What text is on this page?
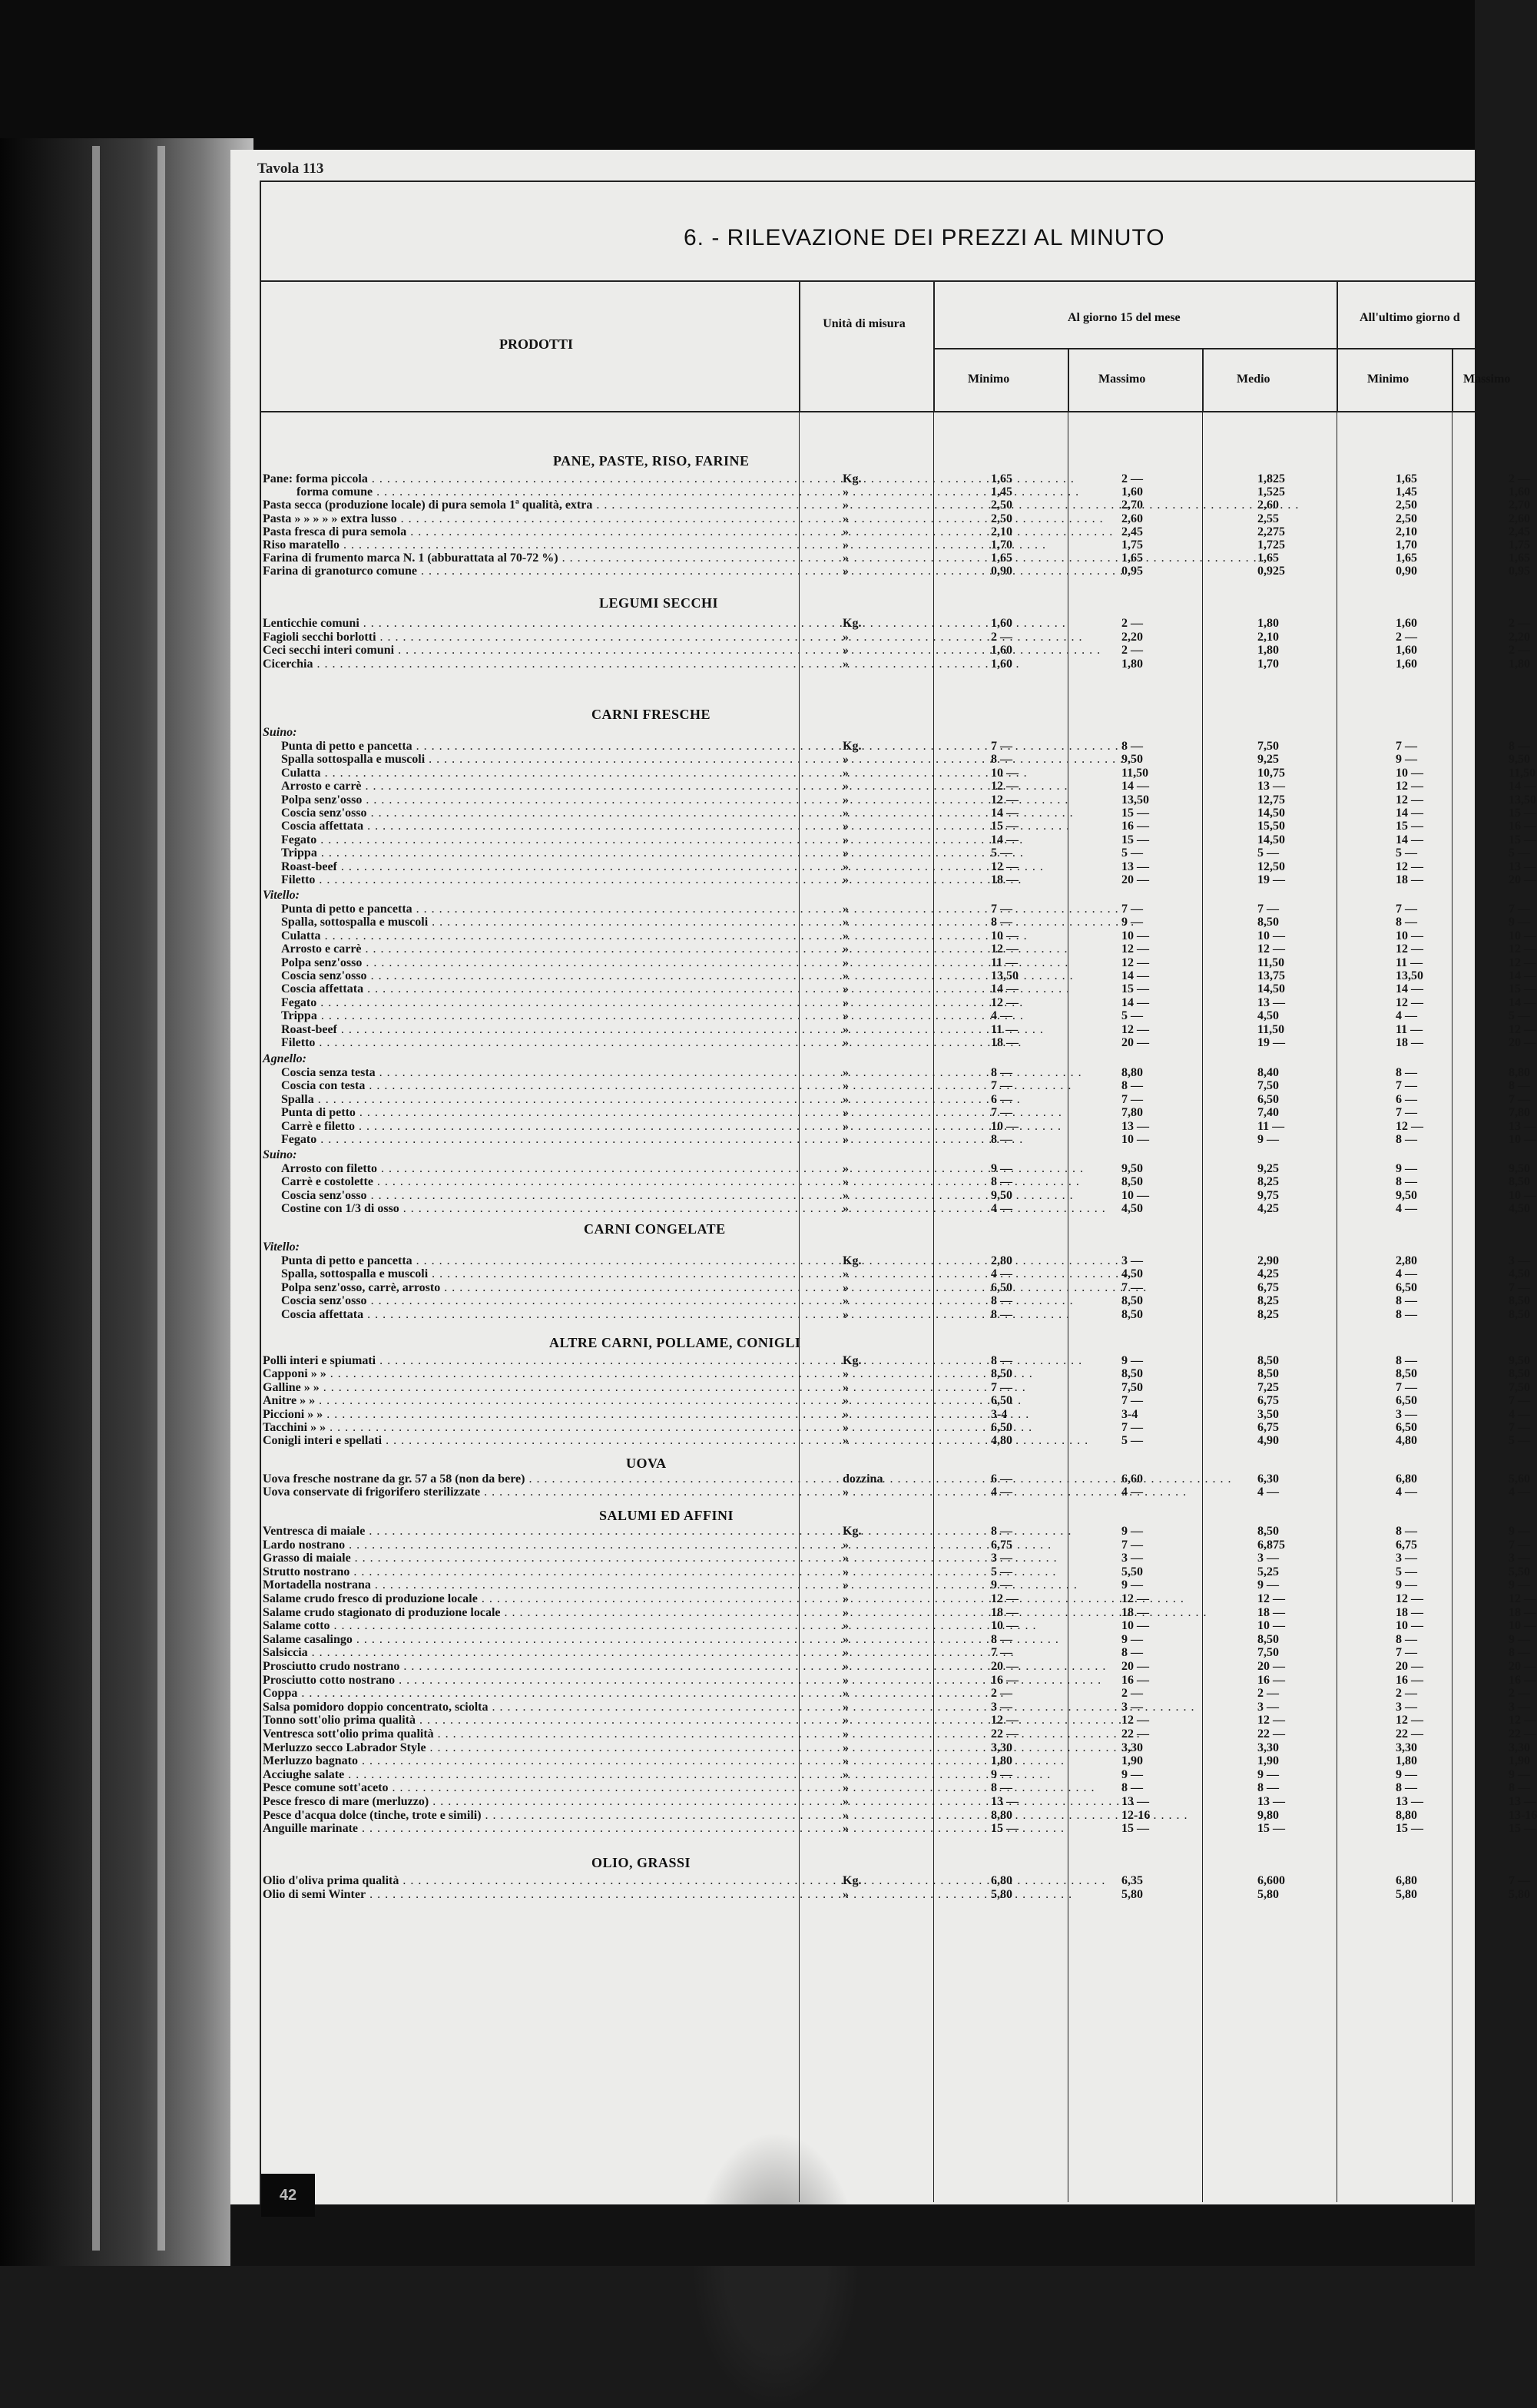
Tavola 113
6. - RILEVAZIONE DEI PREZZI AL MINUTO
PRODOTTI
Unità di misura	Al giorno 15 del mese	All'ultimo giorno d
Minimo	Massimo	Medio	Minimo	Massimo
PANE, PASTE, RISO, FARINE
Pane: forma piccola . . .	Kg.	1,65	2 —	1,825	1,65	2 —
forma comune . . .	»	1,45	1,60	1,525	1,45	1,60
Pasta secca (produzione locale) di pura semola 1ª qualità, extra . . .	»	2,50	2,70	2,60	2,50	2,70
Pasta » » » » » extra lusso . . .	»	2,50	2,60	2,55	2,50	2,60
Pasta fresca di pura semola . . .	»	2,10	2,45	2,275	2,10	2,45
Riso maratello . . .	»	1,70	1,75	1,725	1,70	1,75
Farina di frumento marca N. 1 (abburattata al 70-72 %) . . .	»	1,65	1,65	1,65	1,65	1,65
Farina di granoturco comune . . .	»	0,90	0,95	0,925	0,90	0,95
LEGUMI SECCHI
Lenticchie comuni . . .	Kg.	1,60	2 —	1,80	1,60	2 —
Fagioli secchi borlotti . . .	»	2 —	2,20	2,10	2 —	2,20
Ceci secchi interi comuni . . .	»	1,60	2 —	1,80	1,60	2 —
Cicerchia . . .	»	1,60	1,80	1,70	1,60	1,80
CARNI FRESCHE
Suino:
Punta di petto e pancetta . . .	Kg.	7 —	8 —	7,50	7 —	8 —
Spalla sottospalla e muscoli . . .	»	8 —	9,50	9,25	9 —	9,50
Culatta . . .	»	10 —	11,50	10,75	10 —	11,50
Arrosto e carrè . . .	»	12 —	14 —	13 —	12 —	14 —
Polpa senz'osso . . .	»	12 —	13,50	12,75	12 —	13,50
Coscia senz'osso . . .	»	14 —	15 —	14,50	14 —	15 —
Coscia affettata . . .	»	15 —	16 —	15,50	15 —	16 —
Fegato . . .	»	14 —	15 —	14,50	14 —	15 —
Trippa . . .	»	5 —	5 —	5 —	5 —	5 —
Roast-beef . . .	»	12 —	13 —	12,50	12 —	13 —
Filetto . . .	»	18 —	20 —	19 —	18 —	20 —
Vitello:
Punta di petto e pancetta . . .	»	7 —	7 —	7 —	7 —	7 —
Spalla, sottospalla e muscoli . . .	»	8 —	9 —	8,50	8 —	9 —
Culatta . . .	»	10 —	10 —	10 —	10 —	10 —
Arrosto e carrè . . .	»	12 —	12 —	12 —	12 —	12 —
Polpa senz'osso . . .	»	11 —	12 —	11,50	11 —	12 —
Coscia senz'osso . . .	»	13,50	14 —	13,75	13,50	14 —
Coscia affettata . . .	»	14 —	15 —	14,50	14 —	15 —
Fegato . . .	»	12 —	14 —	13 —	12 —	14 —
Trippa . . .	»	4 —	5 —	4,50	4 —	5 —
Roast-beef . . .	»	11 —	12 —	11,50	11 —	12 —
Filetto . . .	»	18 —	20 —	19 —	18 —	20 —
Agnello:
Coscia senza testa . . .	»	8 —	8,80	8,40	8 —	8,80
Coscia con testa . . .	»	7 —	8 —	7,50	7 —	8 —
Spalla . . .	»	6 —	7 —	6,50	6 —	7 —
Punta di petto . . .	»	7 —	7,80	7,40	7 —	7,80
Carrè e filetto . . .	»	10 —	13 —	11 —	12 —	13 —
Fegato . . .	»	8 —	10 —	9 —	8 —	10 —
Suino:
Arrosto con filetto . . .	»	9 —	9,50	9,25	9 —	9,50
Carrè e costolette . . .	»	8 —	8,50	8,25	8 —	8,50
Coscia senz'osso . . .	»	9,50	10 —	9,75	9,50	10 —
Costine con 1/3 di osso . . .	»	4 —	4,50	4,25	4 —	4,50
CARNI CONGELATE
Vitello:
Punta di petto e pancetta . . .	Kg.	2,80	3 —	2,90	2,80	3 —
Spalla, sottospalla e muscoli . . .	»	4 —	4,50	4,25	4 —	4,50
Polpa senz'osso, carrè, arrosto . . .	»	6,50	7 —	6,75	6,50	7 —
Coscia senz'osso . . .	»	8 —	8,50	8,25	8 —	8,50
Coscia affettata . . .	»	8 —	8,50	8,25	8 —	8,50
ALTRE CARNI, POLLAME, CONIGLI
Polli interi e spiumati . . .	Kg.	8 —	9 —	8,50	8 —	9,50
Capponi » » . . .	»	8,50	8,50	8,50	8,50	8,50
Galline » » . . .	»	7 —	7,50	7,25	7 —	7,50
Anitre » » . . .	»	6,50	7 —	6,75	6,50	7 —
Piccioni » » . . .	»	3-4	3-4	3,50	3 —	4 —
Tacchini » » . . .	»	6,50	7 —	6,75	6,50	7 —
Conigli interi e spellati . . .	»	4,80	5 —	4,90	4,80	5 —
UOVA
Uova fresche nostrane da gr. 57 a 58 (non da bere) . . .	dozzina	6 —	6,60	6,30	6,80	5,60
Uova conservate di frigorifero sterilizzate . . .	»	4 —	4 —	4 —	4 —	4 —
SALUMI ED AFFINI
Ventresca di maiale . . .	Kg.	8 —	9 —	8,50	8 —	9 —
Lardo nostrano . . .	»	6,75	7 —	6,875	6,75	7 —
Grasso di maiale . . .	»	3 —	3 —	3 —	3 —	3 —
Strutto nostrano . . .	»	5 —	5,50	5,25	5 —	5,50
Mortadella nostrana . . .	»	9 —	9 —	9 —	9 —	9 —
Salame crudo fresco di produzione locale . . .	»	12 —	12 —	12 —	12 —	12 —
Salame crudo stagionato di produzione locale . . .	»	18 —	18 —	18 —	18 —	18 —
Salame cotto . . .	»	10 —	10 —	10 —	10 —	10 —
Salame casalingo . . .	»	8 —	9 —	8,50	8 —	9 —
Salsiccia . . .	»	7 —	8 —	7,50	7 —	8 —
Prosciutto crudo nostrano . . .	»	20 —	20 —	20 —	20 —	20 —
Prosciutto cotto nostrano . . .	»	16 —	16 —	16 —	16 —	16 —
Coppa . . .	»	2 —	2 —	2 —	2 —	2 —
Salsa pomidoro doppio concentrato, sciolta . . .	»	3 —	3 —	3 —	3 —	3 —
Tonno sott'olio prima qualità . . .	»	12 —	12 —	12 —	12 —	12 —
Ventresca sott'olio prima qualità . . .	»	22 —	22 —	22 —	22 —	22 —
Merluzzo secco Labrador Style . . .	»	3,30	3,30	3,30	3,30	3,30
Merluzzo bagnato . . .	»	1,80	1,90	1,90	1,80	1,90
Acciughe salate . . .	»	9 —	9 —	9 —	9 —	9 —
Pesce comune sott'aceto . . .	»	8 —	8 —	8 —	8 —	8 —
Pesce fresco di mare (merluzzo) . . .	»	13 —	13 —	13 —	13 —	13 —
Pesce d'acqua dolce (tinche, trote e simili) . . .	»	8,80	12-16	9,80	8,80	13-16
Anguille marinate . . .	»	15 —	15 —	15 —	15 —	15 —
OLIO, GRASSI
Olio d'oliva prima qualità . . .	Kg.	6,80	6,35	6,600	6,80	7 —
Olio di semi Winter . . .	»	5,80	5,80	5,80	5,80	5,80
42
